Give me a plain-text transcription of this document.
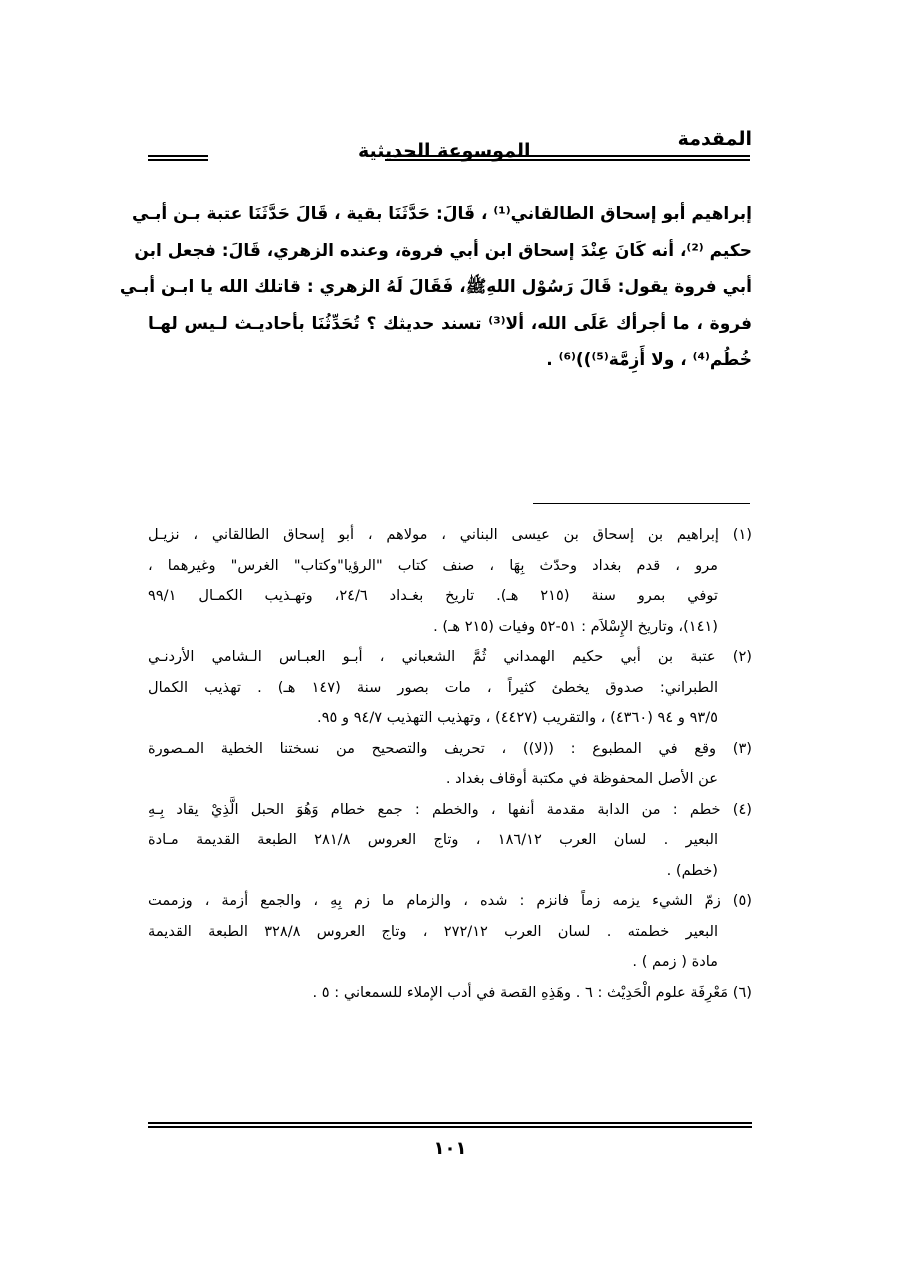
المقدمة
الموسوعة الحديثية
إبراهيم أبو إسحاق الطالقاني⁽¹⁾ ، قَالَ: حَدَّثَنَا بقية ، قَالَ حَدَّثَنَا عتبة بـن أبـي
حكيم ⁽²⁾، أنه كَانَ عِنْدَ إسحاق ابن أبي فروة، وعنده الزهري، قَالَ: فجعل ابن
أبي فروة يقول: قَالَ رَسُوْل اللهِﷺ، فَقَالَ لَهُ الزهري : قاتلك الله يا ابـن أبـي
فروة ، ما أجرأك عَلَى الله، ألا⁽³⁾ تسند حديثك ؟ تُحَدِّثُنَا بأحاديـث لـيس لهـا
خُطُم⁽⁴⁾ ، ولا أَزِمَّة⁽⁵⁾))⁽⁶⁾ .
(١) إبراهيم بن إسحاق بن عيسى البناني ، مولاهم ، أبو إسحاق الطالقاني ، نزيـل
مرو ، قدم بغداد وحدّث بِهَا ، صنف كتاب "الرؤيا"وكتاب" الغرس" وغيرهما ،
توفي بمرو سنة (٢١٥ هـ). تاريخ بغـداد ٢٤/٦، وتهـذيب الكمـال ٩٩/١
(١٤١)، وتاريخ الإِسْلاَم : ٥١-٥٢ وفيات (٢١٥ هـ) .
(٢) عتبة بن أبي حكيم الهمداني ثُمَّ الشعباني ، أبـو العبـاس الـشامي الأردنـي
الطبراني: صدوق يخطئ كثيراً ، مات بصور سنة (١٤٧ هـ) . تهذيب الكمال
٩٣/٥ و ٩٤ (٤٣٦٠) ، والتقريب (٤٤٢٧) ، وتهذيب التهذيب ٩٤/٧ و ٩٥.
(٣) وقع في المطبوع : ((لا)) ، تحريف والتصحيح من نسختنا الخطية المـصورة
عن الأصل المحفوظة في مكتبة أوقاف بغداد .
(٤) خطم : من الدابة مقدمة أنفها ، والخطم : جمع خطام وَهُوَ الحبل الَّذِيْ يقاد بِـهِ
البعير . لسان العرب ١٨٦/١٢ ، وتاج العروس ٢٨١/٨ الطبعة القديمة مـادة
(خطم) .
(٥) زمّ الشيء يزمه زماً فانزم : شده ، والزمام ما زم بِهِ ، والجمع أزمة ، وزممت
البعير خطمته . لسان العرب ٢٧٢/١٢ ، وتاج العروس ٣٢٨/٨ الطبعة القديمة
مادة ( زمم ) .
(٦) مَعْرِفَة علوم الْحَدِيْث : ٦ . وهَذِهِ القصة في أدب الإملاء للسمعاني : ٥ .
١٠١
